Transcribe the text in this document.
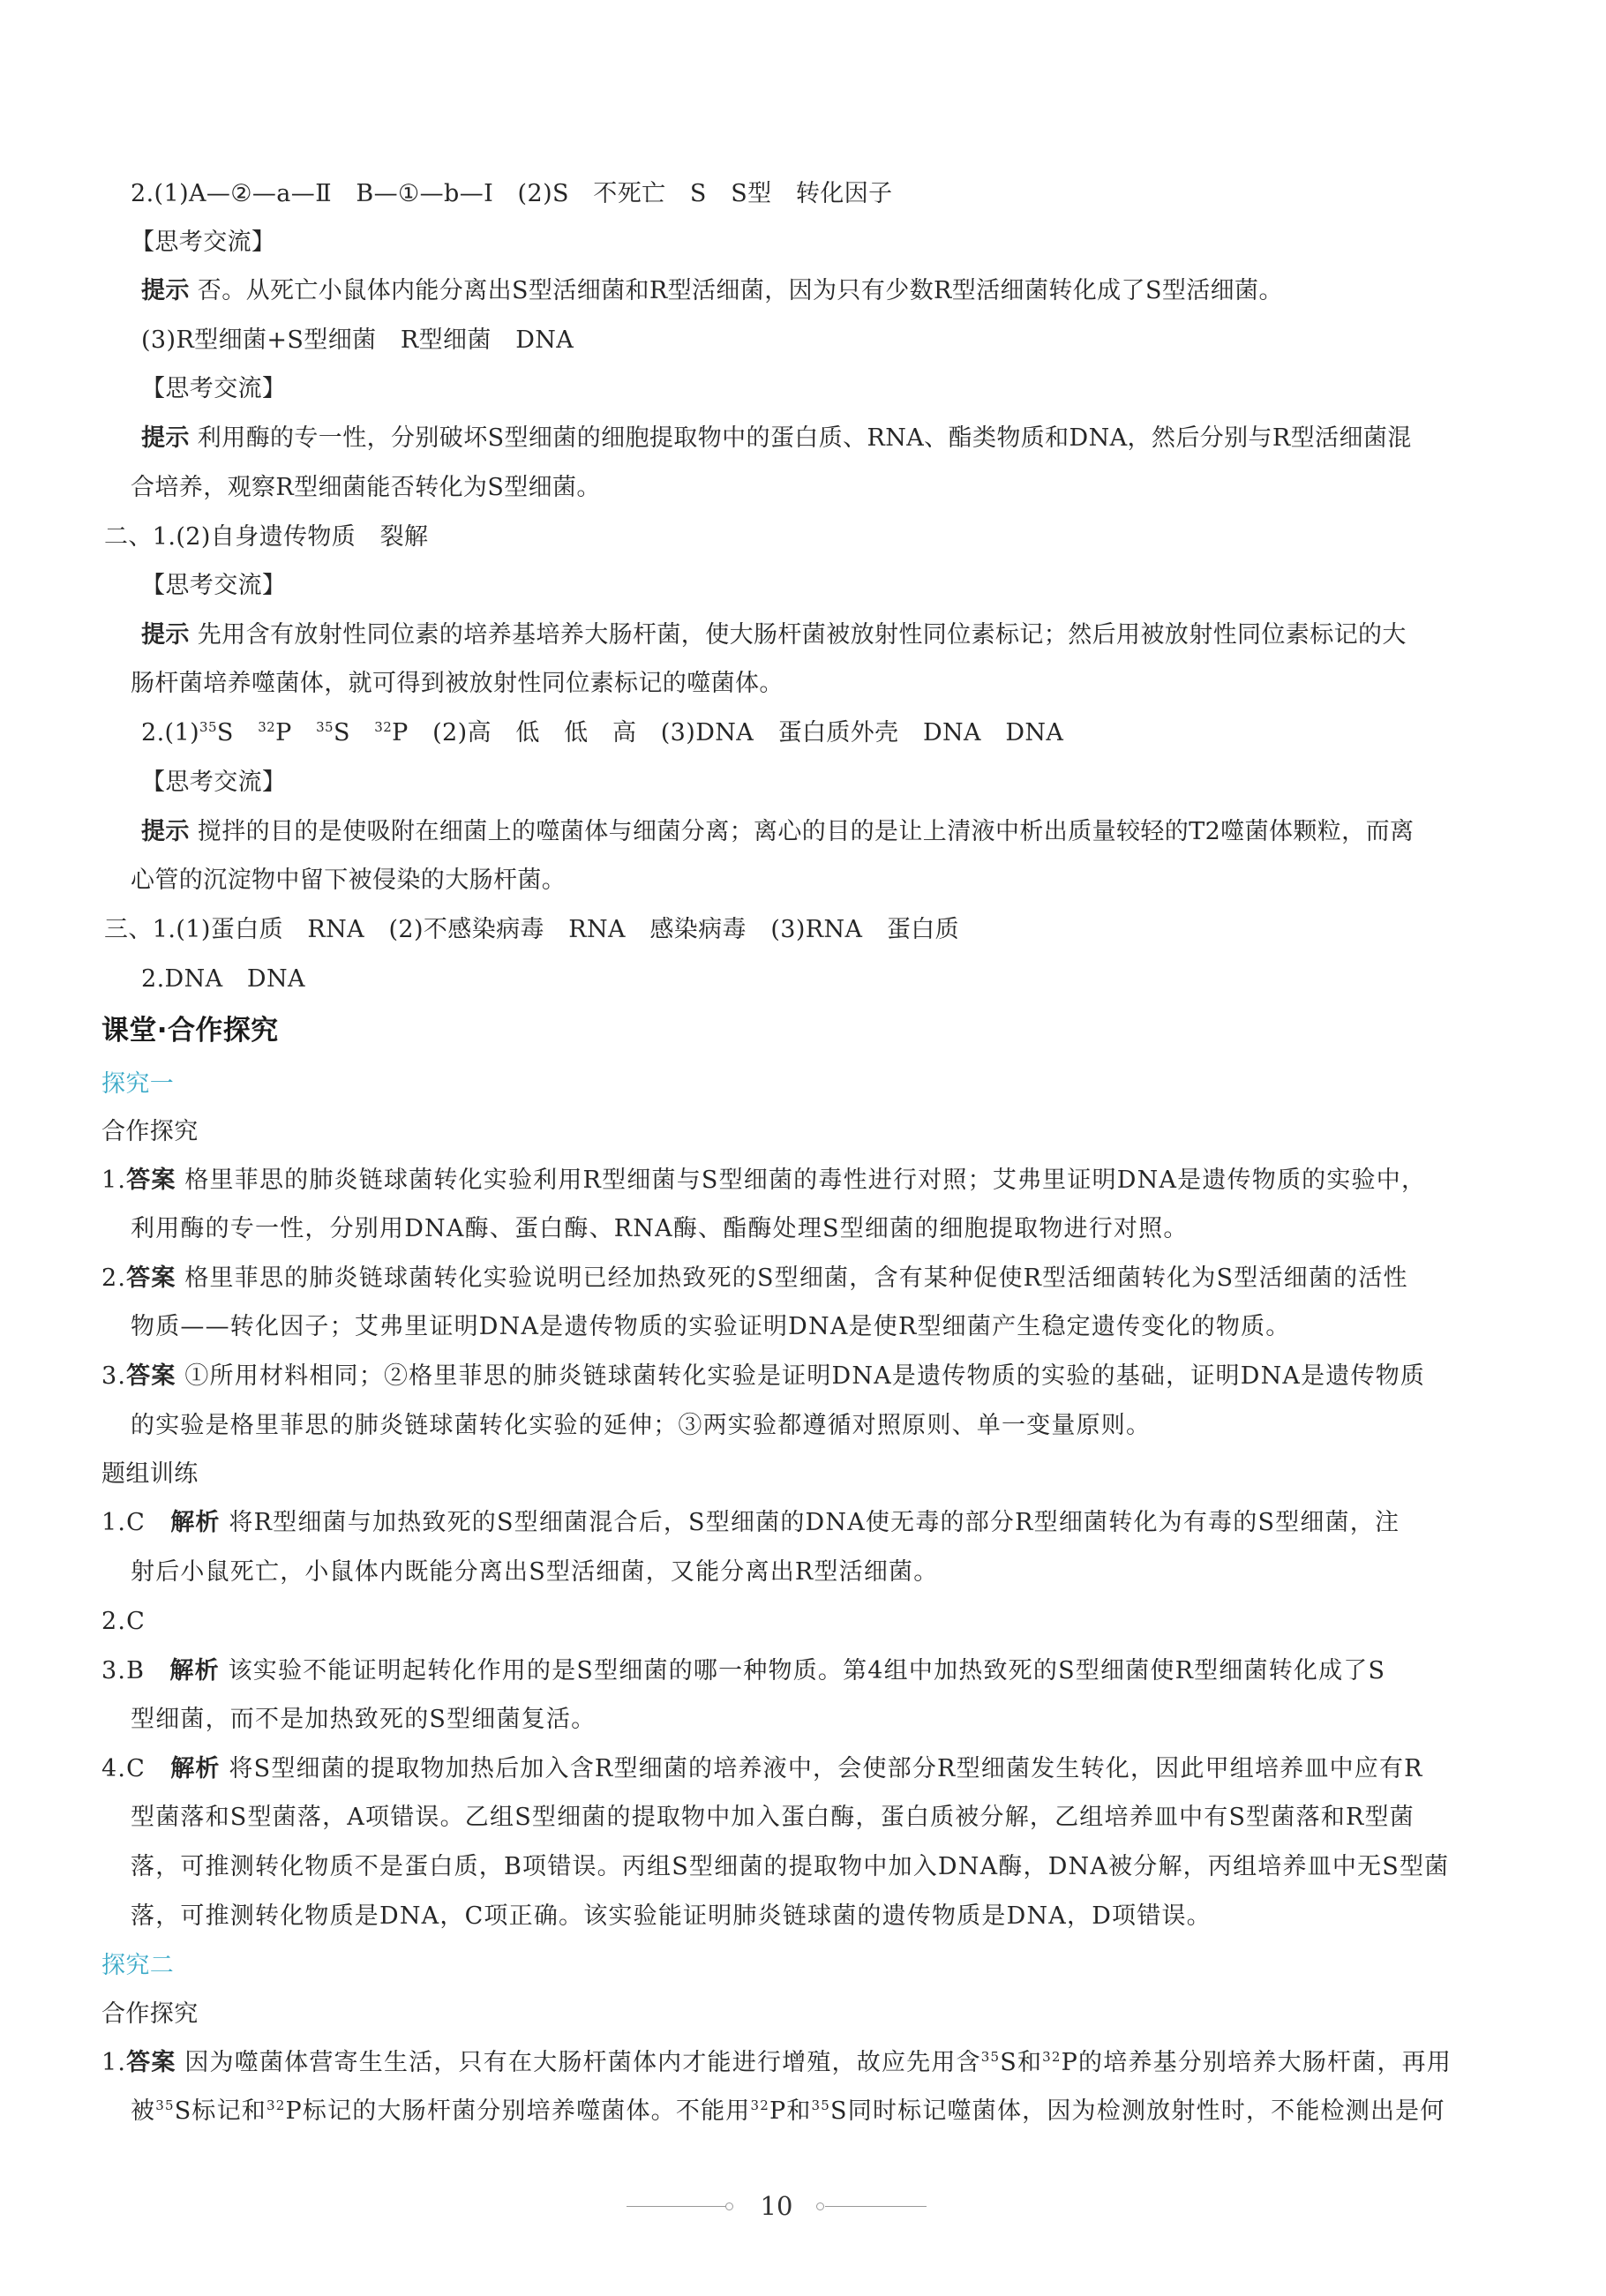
2.(1)A—②—a—Ⅱ　B—①—b—Ⅰ　(2)S　不死亡　S　S型　转化因子
【思考交流】
提示 否。从死亡小鼠体内能分离出S型活细菌和R型活细菌，因为只有少数R型活细菌转化成了S型活细菌。
(3)R型细菌+S型细菌　R型细菌　DNA
【思考交流】
提示 利用酶的专一性，分别破坏S型细菌的细胞提取物中的蛋白质、RNA、酯类物质和DNA，然后分别与R型活细菌混
合培养，观察R型细菌能否转化为S型细菌。
二、1.(2)自身遗传物质　裂解
【思考交流】
提示 先用含有放射性同位素的培养基培养大肠杆菌，使大肠杆菌被放射性同位素标记；然后用被放射性同位素标记的大
肠杆菌培养噬菌体，就可得到被放射性同位素标记的噬菌体。
$2.(1)^{35}S$　$^{32}$P　$^{35}$S　$^{32}$P　(2)高　低　低　高　(3)DNA　蛋白质外壳　DNA　DNA
【思考交流】
提示 搅拌的目的是使吸附在细菌上的噬菌体与细菌分离；离心的目的是让上清液中析出质量较轻的T2噬菌体颗粒，而离
心管的沉淀物中留下被侵染的大肠杆菌。
三、1.(1)蛋白质　RNA　(2)不感染病毒　RNA　感染病毒　(3)RNA　蛋白质
2.DNA　DNA
课堂·合作探究
探究一
合作探究
1.答案 格里菲思的肺炎链球菌转化实验利用R型细菌与S型细菌的毒性进行对照；艾弗里证明DNA是遗传物质的实验中，
利用酶的专一性，分别用DNA酶、蛋白酶、RNA酶、酯酶处理S型细菌的细胞提取物进行对照。
2.答案 格里菲思的肺炎链球菌转化实验说明已经加热致死的S型细菌，含有某种促使R型活细菌转化为S型活细菌的活性
物质——转化因子；艾弗里证明DNA是遗传物质的实验证明DNA是使R型细菌产生稳定遗传变化的物质。
3.答案 ①所用材料相同；②格里菲思的肺炎链球菌转化实验是证明DNA是遗传物质的实验的基础，证明DNA是遗传物质
的实验是格里菲思的肺炎链球菌转化实验的延伸；③两实验都遵循对照原则、单一变量原则。
题组训练
1.C　解析 将R型细菌与加热致死的S型细菌混合后，S型细菌的DNA使无毒的部分R型细菌转化为有毒的S型细菌，注
射后小鼠死亡，小鼠体内既能分离出S型活细菌，又能分离出R型活细菌。
2.C
3.B　解析 该实验不能证明起转化作用的是S型细菌的哪一种物质。第4组中加热致死的S型细菌使R型细菌转化成了S
型细菌，而不是加热致死的S型细菌复活。
4.C　解析 将S型细菌的提取物加热后加入含R型细菌的培养液中，会使部分R型细菌发生转化，因此甲组培养皿中应有R
型菌落和S型菌落，A项错误。乙组S型细菌的提取物中加入蛋白酶，蛋白质被分解，乙组培养皿中有S型菌落和R型菌
落，可推测转化物质不是蛋白质，B项错误。丙组S型细菌的提取物中加入DNA酶，DNA被分解，丙组培养皿中无S型菌
落，可推测转化物质是DNA，C项正确。该实验能证明肺炎链球菌的遗传物质是DNA，D项错误。
探究二
合作探究
1.答案 因为噬菌体营寄生生活，只有在大肠杆菌体内才能进行增殖，故应先用含$^{35}$S和$^{32}$P的培养基分别培养大肠杆菌，再用
被$^{35}$S标记和$^{32}$P标记的大肠杆菌分别培养噬菌体。不能用$^{32}$P和$^{35}$S同时标记噬菌体，因为检测放射性时，不能检测出是何
10
